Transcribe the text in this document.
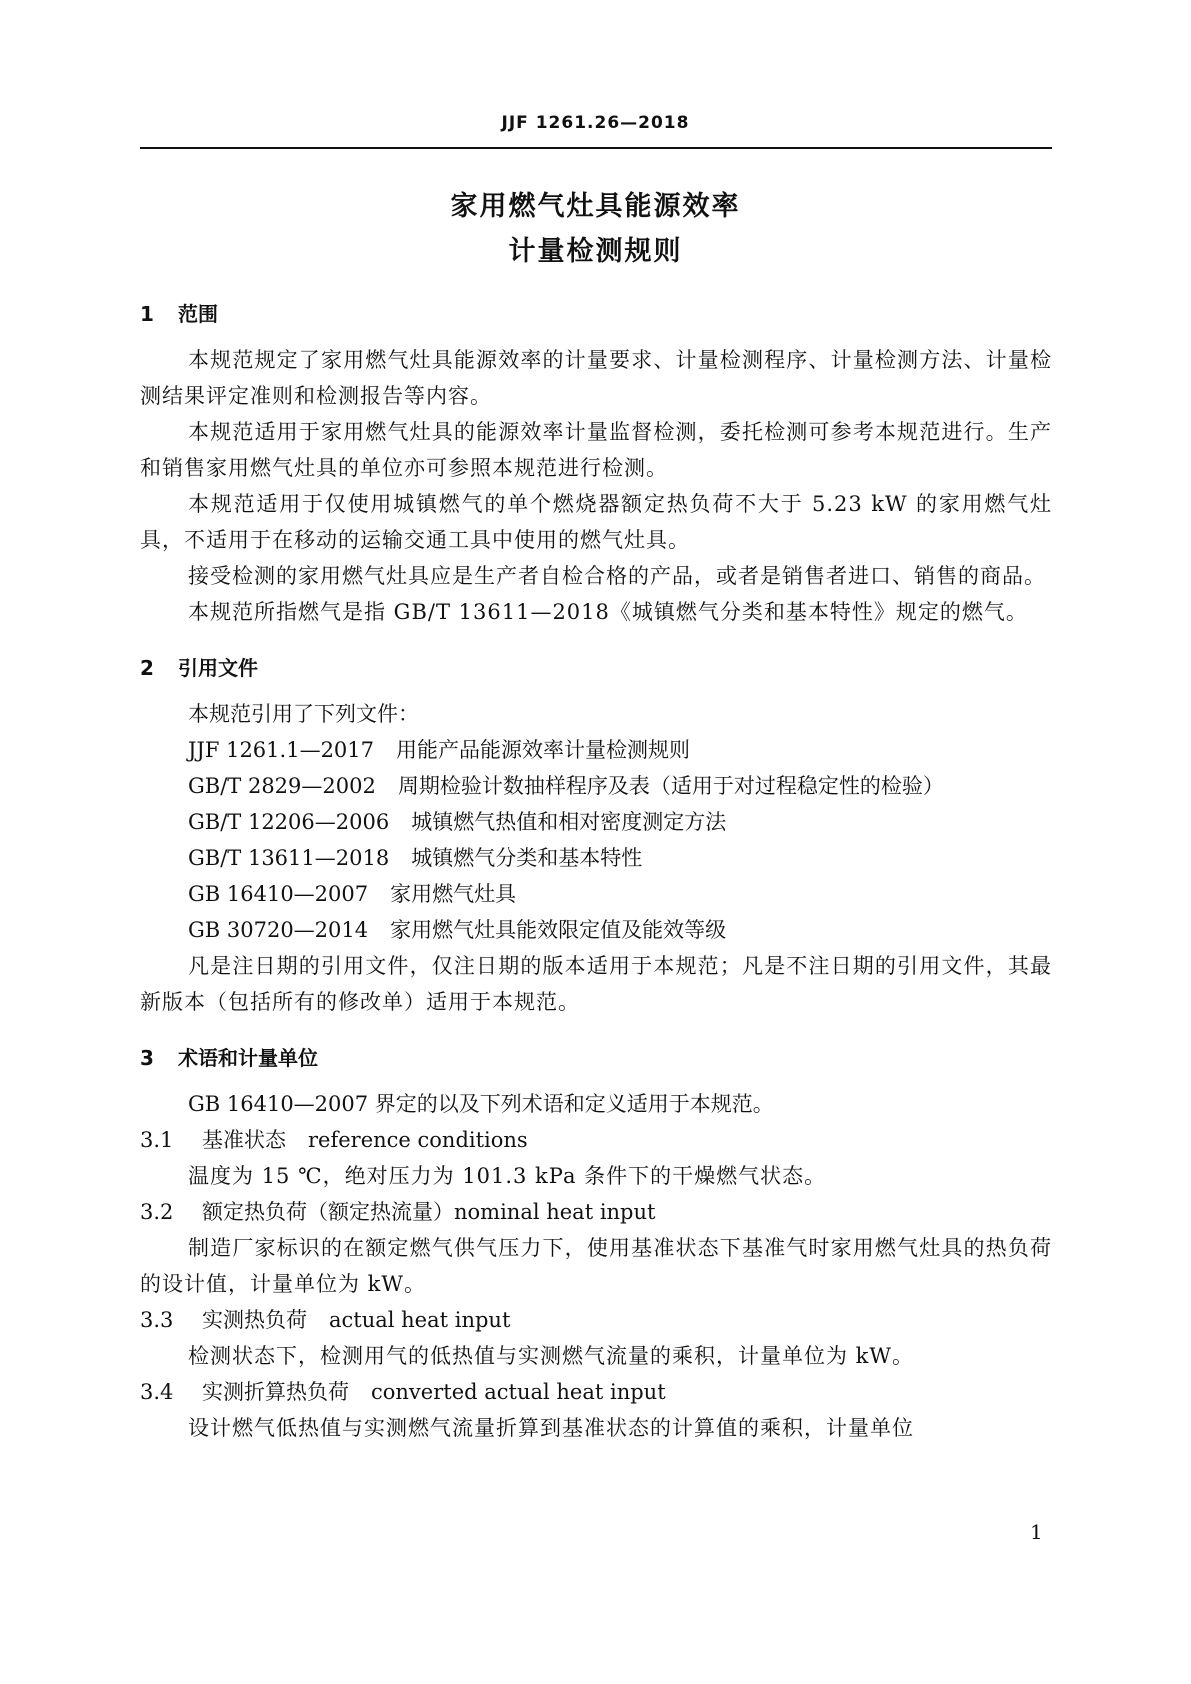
JJF 1261.26—2018
家用燃气灶具能源效率
计量检测规则
1 范围
本规范规定了家用燃气灶具能源效率的计量要求、计量检测程序、计量检测方法、计量检测结果评定准则和检测报告等内容。
本规范适用于家用燃气灶具的能源效率计量监督检测，委托检测可参考本规范进行。生产和销售家用燃气灶具的单位亦可参照本规范进行检测。
本规范适用于仅使用城镇燃气的单个燃烧器额定热负荷不大于 5.23 kW 的家用燃气灶具，不适用于在移动的运输交通工具中使用的燃气灶具。
接受检测的家用燃气灶具应是生产者自检合格的产品，或者是销售者进口、销售的商品。
本规范所指燃气是指 GB/T 13611—2018《城镇燃气分类和基本特性》规定的燃气。
2 引用文件
本规范引用了下列文件：
JJF 1261.1—2017 用能产品能源效率计量检测规则
GB/T 2829—2002 周期检验计数抽样程序及表（适用于对过程稳定性的检验）
GB/T 12206—2006 城镇燃气热值和相对密度测定方法
GB/T 13611—2018 城镇燃气分类和基本特性
GB 16410—2007 家用燃气灶具
GB 30720—2014 家用燃气灶具能效限定值及能效等级
凡是注日期的引用文件，仅注日期的版本适用于本规范；凡是不注日期的引用文件，其最新版本（包括所有的修改单）适用于本规范。
3 术语和计量单位
GB 16410—2007 界定的以及下列术语和定义适用于本规范。
3.1 基准状态 reference conditions
温度为 15 ℃，绝对压力为 101.3 kPa 条件下的干燥燃气状态。
3.2 额定热负荷（额定热流量）nominal heat input
制造厂家标识的在额定燃气供气压力下，使用基准状态下基准气时家用燃气灶具的热负荷的设计值，计量单位为 kW。
3.3 实测热负荷 actual heat input
检测状态下，检测用气的低热值与实测燃气流量的乘积，计量单位为 kW。
3.4 实测折算热负荷 converted actual heat input
设计燃气低热值与实测燃气流量折算到基准状态的计算值的乘积，计量单位
1
